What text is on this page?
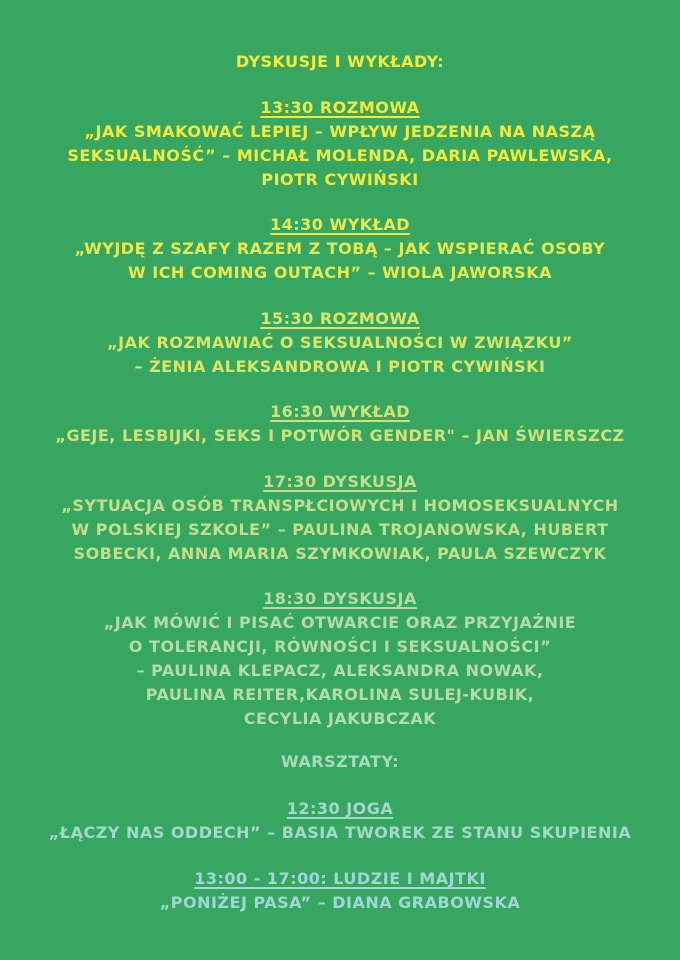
DYSKUSJE I WYKŁADY:
13:30 ROZMOWA
„JAK SMAKOWAĆ LEPIEJ – WPŁYW JEDZENIA NA NASZĄ
SEKSUALNOŚĆ” – MICHAŁ MOLENDA, DARIA PAWLEWSKA,
PIOTR CYWIŃSKI
14:30 WYKŁAD
„WYJDĘ Z SZAFY RAZEM Z TOBĄ – JAK WSPIERAĆ OSOBY
W ICH COMING OUTACH” – WIOLA JAWORSKA
15:30 ROZMOWA
„JAK ROZMAWIAĆ O SEKSUALNOŚCI W ZWIĄZKU”
– ŻENIA ALEKSANDROWA I PIOTR CYWIŃSKI
16:30 WYKŁAD
„GEJE, LESBIJKI, SEKS I POTWÓR GENDER" – JAN ŚWIERSZCZ
17:30 DYSKUSJA
„SYTUACJA OSÓB TRANSPŁCIOWYCH I HOMOSEKSUALNYCH
W POLSKIEJ SZKOLE” – PAULINA TROJANOWSKA, HUBERT
SOBECKI, ANNA MARIA SZYMKOWIAK, PAULA SZEWCZYK
18:30 DYSKUSJA
„JAK MÓWIĆ I PISAĆ OTWARCIE ORAZ PRZYJAŹNIE
O TOLERANCJI, RÓWNOŚCI I SEKSUALNOŚCI”
– PAULINA KLEPACZ, ALEKSANDRA NOWAK,
PAULINA REITER,KAROLINA SULEJ-KUBIK,
CECYLIA JAKUBCZAK
WARSZTATY:
12:30 JOGA
„ŁĄCZY NAS ODDECH” – BASIA TWOREK ZE STANU SKUPIENIA
13:00 - 17:00: LUDZIE I MAJTKI
„PONIŻEJ PASA” – DIANA GRABOWSKA
